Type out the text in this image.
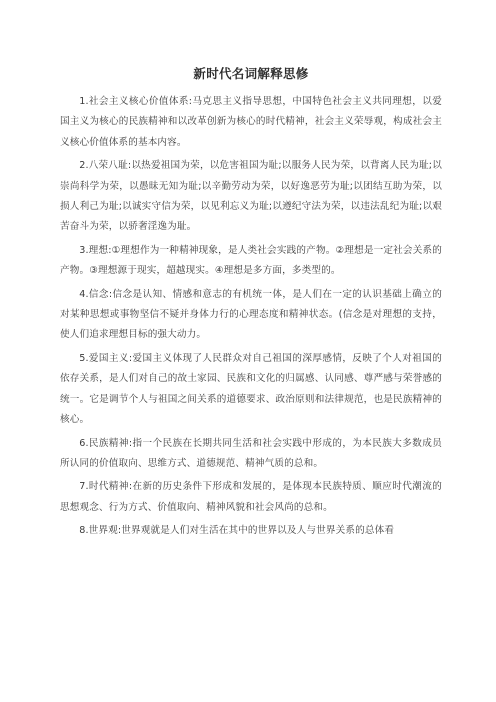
新时代名词解释思修

1.社会主义核心价值体系:马克思主义指导思想，中国特色社会主义共同理想，以爱国主义为核心的民族精神和以改革创新为核心的时代精神，社会主义荣辱观，构成社会主义核心价值体系的基本内容。

2.八荣八耻:以热爱祖国为荣，以危害祖国为耻;以服务人民为荣，以背离人民为耻;以崇尚科学为荣，以愚昧无知为耻;以辛勤劳动为荣，以好逸恶劳为耻;以团结互助为荣，以损人利己为耻;以诚实守信为荣，以见利忘义为耻;以遵纪守法为荣，以违法乱纪为耻;以艰苦奋斗为荣，以骄奢淫逸为耻。

3.理想:①理想作为一种精神现象，是人类社会实践的产物。②理想是一定社会关系的产物。③理想源于现实，超越现实。④理想是多方面，多类型的。

4.信念:信念是认知、情感和意志的有机统一体，是人们在一定的认识基础上确立的对某种思想或事物坚信不疑并身体力行的心理态度和精神状态。(信念是对理想的支持，使人们追求理想目标的强大动力。

5.爱国主义:爱国主义体现了人民群众对自己祖国的深厚感情，反映了个人对祖国的依存关系，是人们对自己的故土家园、民族和文化的归属感、认同感、尊严感与荣誉感的统一。它是调节个人与祖国之间关系的道德要求、政治原则和法律规范，也是民族精神的核心。

6.民族精神:指一个民族在长期共同生活和社会实践中形成的，为本民族大多数成员所认同的价值取向、思维方式、道德规范、精神气质的总和。

7.时代精神:在新的历史条件下形成和发展的，是体现本民族特质、顺应时代潮流的思想观念、行为方式、价值取向、精神风貌和社会风尚的总和。

8.世界观:世界观就是人们对生活在其中的世界以及人与世界关系的总体看
